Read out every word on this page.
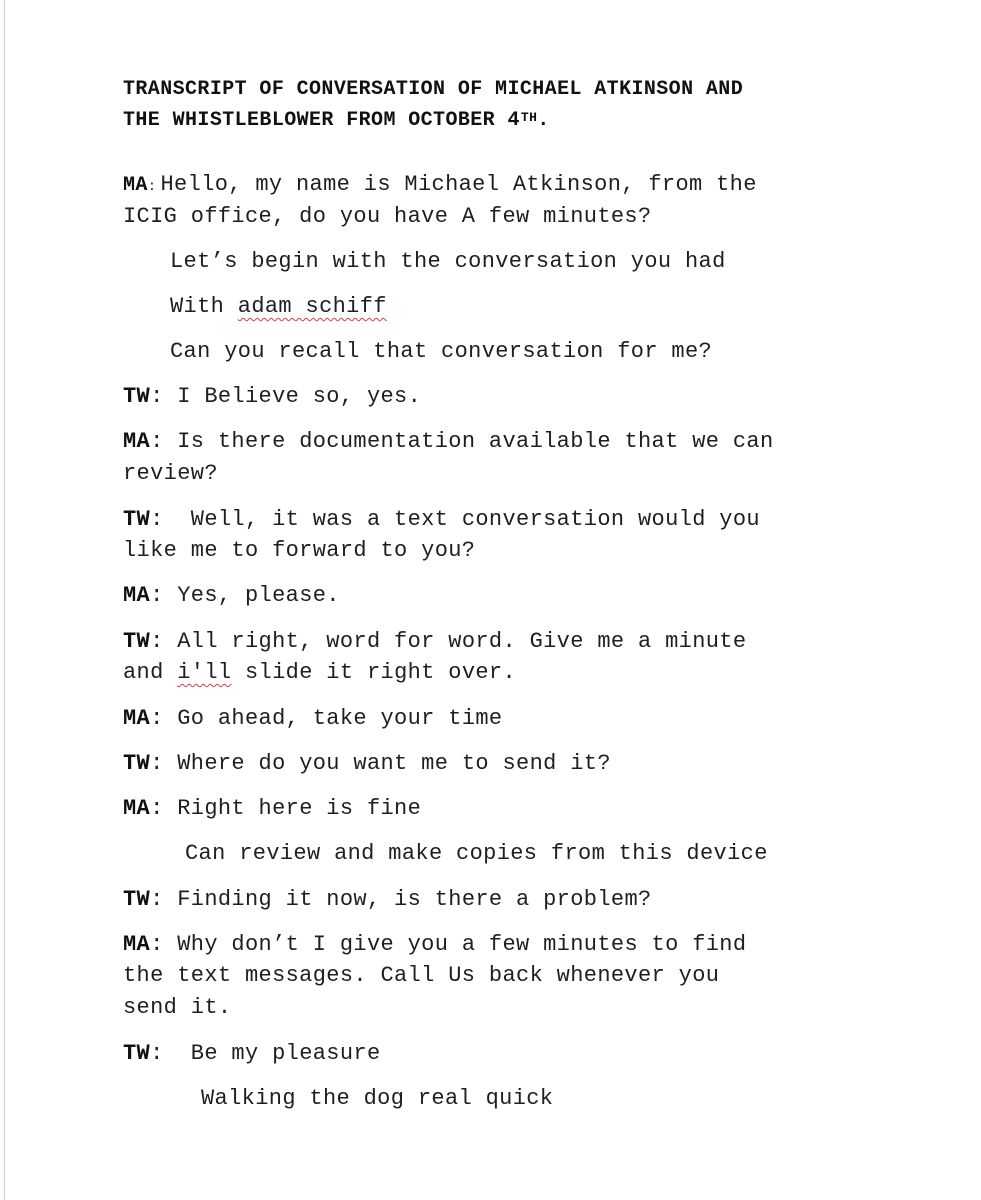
TRANSCRIPT OF CONVERSATION OF MICHAEL ATKINSON AND
THE WHISTLEBLOWER FROM OCTOBER 4TH.
MA: Hello, my name is Michael Atkinson, from the
ICIG office, do you have A few minutes?
Let’s begin with the conversation you had
With adam schiff
Can you recall that conversation for me?
TW: I Believe so, yes.
MA: Is there documentation available that we can
review?
TW:  Well, it was a text conversation would you
like me to forward to you?
MA: Yes, please.
TW: All right, word for word. Give me a minute
and i'll slide it right over.
MA: Go ahead, take your time
TW: Where do you want me to send it?
MA: Right here is fine
Can review and make copies from this device
TW: Finding it now, is there a problem?
MA: Why don’t I give you a few minutes to find
the text messages. Call Us back whenever you
send it.
TW:  Be my pleasure
Walking the dog real quick
